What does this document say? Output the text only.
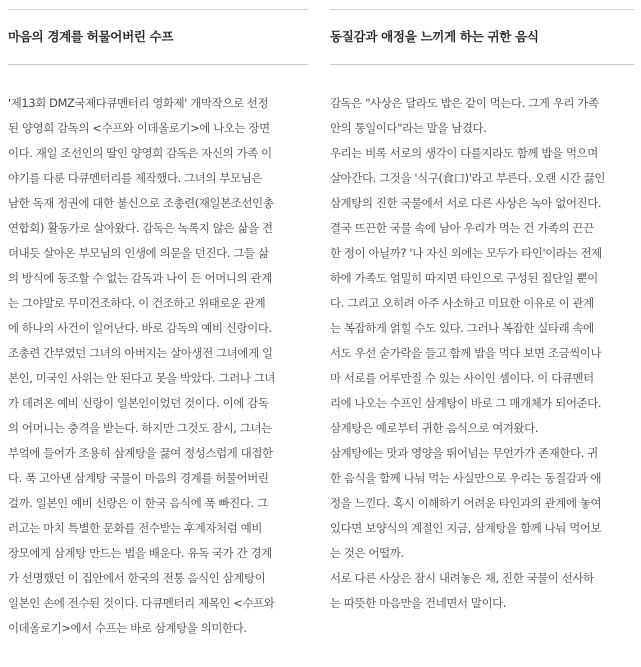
마음의 경계를 허물어버린 수프
'제13회 DMZ국제다큐멘터리 영화제' 개막작으로 선정
된 양영희 감독의 <수프와 이데올로기>에 나오는 장면
이다. 재일 조선인의 딸인 양영희 감독은 자신의 가족 이
야기를 다룬 다큐멘터리를 제작했다. 그녀의 부모님은
남한 독재 정권에 대한 불신으로 조총련(재일본조선인총
연합회) 활동가로 살아왔다. 감독은 녹록지 않은 삶을 견
뎌내듯 살아온 부모님의 인생에 의문을 던진다. 그들 삶
의 방식에 동조할 수 없는 감독과 나이 든 어머니의 관계
는 그야말로 무미건조하다. 이 건조하고 위태로운 관계
에 하나의 사건이 일어난다. 바로 감독의 예비 신랑이다.
조총련 간부였던 그녀의 아버지는 살아생전 그녀에게 일
본인, 미국인 사위는 안 된다고 못을 박았다. 그러나 그녀
가 데려온 예비 신랑이 일본인이었던 것이다. 이에 감독
의 어머니는 충격을 받는다. 하지만 그것도 잠시, 그녀는
부엌에 들어가 조용히 삼계탕을 끓여 정성스럽게 대접한
다. 푹 고아낸 삼계탕 국물이 마음의 경계를 허물어버린
걸까. 일본인 예비 신랑은 이 한국 음식에 푹 빠진다. 그
러고는 마치 특별한 문화를 전수받는 후계자처럼 예비
장모에게 삼계탕 만드는 법을 배운다. 유독 국가 간 경계
가 선명했던 이 집안에서 한국의 전통 음식인 삼계탕이
일본인 손에 전수된 것이다. 다큐멘터리 제목인 <수프와
이데올로기>에서 수프는 바로 삼계탕을 의미한다.
동질감과 애정을 느끼게 하는 귀한 음식
감독은 "사상은 달라도 밥은 같이 먹는다. 그게 우리 가족
안의 통일이다"라는 말을 남겼다.
우리는 비록 서로의 생각이 다를지라도 함께 밥을 먹으며
살아간다. 그것을 '식구(食口)'라고 부른다. 오랜 시간 끓인
삼계탕의 진한 국물에서 서로 다른 사상은 녹아 없어진다.
결국 뜨끈한 국물 속에 남아 우리가 먹는 건 가족의 끈끈
한 정이 아닐까? '나 자신 외에는 모두가 타인'이라는 전제
하에 가족도 엄밀히 따지면 타인으로 구성된 집단일 뿐이
다. 그리고 오히려 아주 사소하고 미묘한 이유로 이 관계
는 복잡하게 얽힐 수도 있다. 그러나 복잡한 실타래 속에
서도 우선 숟가락을 들고 함께 밥을 먹다 보면 조금씩이나
마 서로를 어루만질 수 있는 사이인 셈이다. 이 다큐멘터
리에 나오는 수프인 삼계탕이 바로 그 매개체가 되어준다.
삼계탕은 예로부터 귀한 음식으로 여겨왔다.
삼계탕에는 맛과 영양을 뛰어넘는 무언가가 존재한다. 귀
한 음식을 함께 나눠 먹는 사실만으로 우리는 동질감과 애
정을 느낀다. 혹시 이해하기 어려운 타인과의 관계에 놓여
있다면 보양식의 계절인 지금, 삼계탕을 함께 나눠 먹어보
는 것은 어떨까.
서로 다른 사상은 잠시 내려놓은 채, 진한 국물이 선사하
는 따뜻한 마음만을 건네면서 말이다.
